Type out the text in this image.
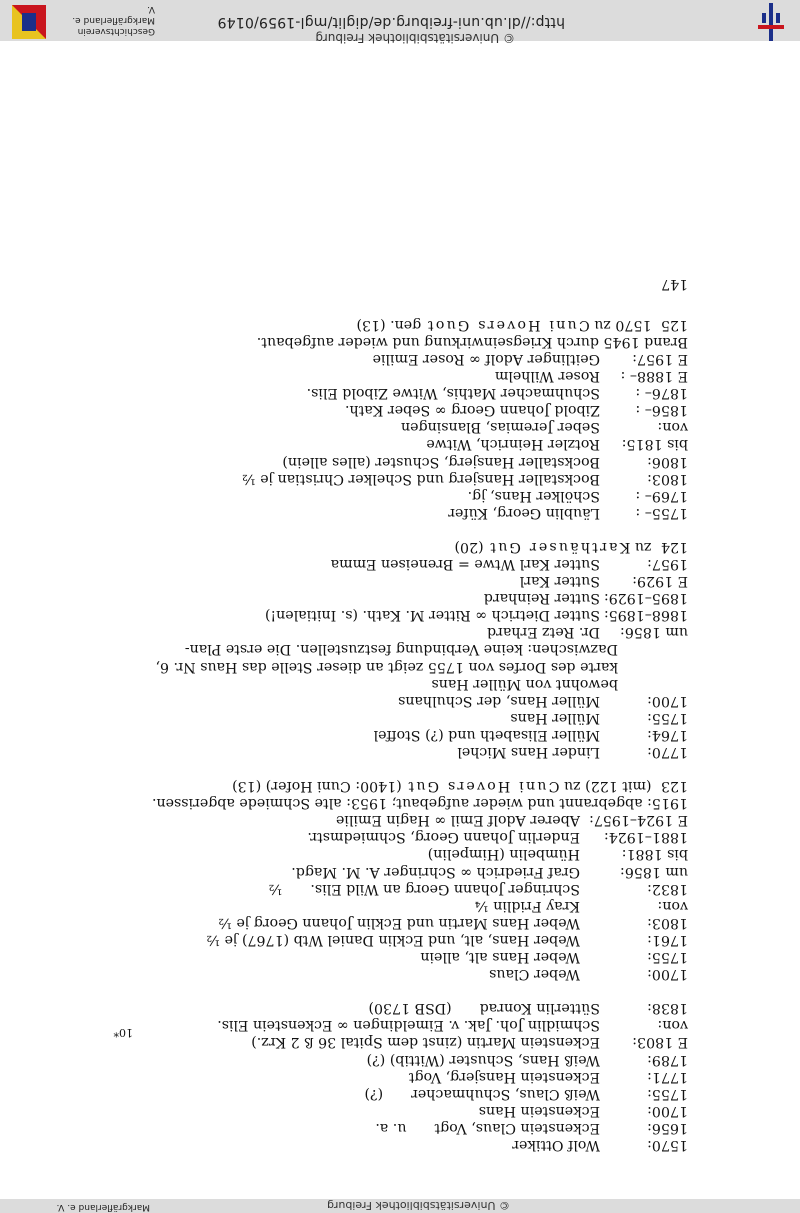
© Universitätsbibliothek Freiburg
http://dl.ub.uni-freiburg.de/diglit/mgl-1959/0149
Geschichtsverein Markgräflerland e. V.
© Universitätsbibliothek Freiburg
Markgräflerland e. V.
1570:Wolf Ottiker
1656:Eckenstein Claus, Vogtu. a.
1700:Eckenstein Hans
1755:Weiß Claus, Schuhmacher(?)
1771:Eckenstein Hansjerg, Vogt
1789:Weiß Hans, Schuster (Wittib) (?)
E 1803:Eckenstein Martin (zinst dem Spital 36 ß 2 Krz.)
von:Schmidlin Joh. Jak. v. Eimeldingen ∞ Eckenstein Elis.
1838:Sütterlin Konrad(DSB 1730)
1700:Weber Claus
1755:Weber Hans alt, allein
1761:Weber Hans, alt, und Ecklin Daniel Wtb (1767) je ½
1803:Weber Hans Martin und Ecklin Johann Georg je ½
von:Kray Fridlin ¼
1832:Schringer Johann Georg an Wild Elis.½
um 1856:Graf Friedrich ∞ Schringer A. M. Magd.
bis 1881:Hümbelin (Himpelin)
1881–1924:Enderlin Johann Georg, Schmiedmstr.
E 1924–1957:Aberer Adolf Emil ∞ Hagin Emilie
1915: abgebrannt und wieder aufgebaut; 1953: alte Schmiede abgerissen.
123 (mit 122) zu Cuni Hovers Gut (1400: Cuni Hofer) (13)
1770:Linder Hans Michel
1764:Müller Elisabeth und (?) Stoffel
1755:Müller Hans
1700:Müller Hans, der Schulhans
bewohnt von Müller Hans
karte des Dorfes von 1755 zeigt an dieser Stelle das Haus Nr. 6,
Dazwischen: keine Verbindung festzustellen. Die erste Plan-
um 1856:Dr. Retz Erhard
1868–1895:Sutter Dietrich ∞ Ritter M. Kath. (s. Initialen!)
1895–1929:Sutter Reinhard
E 1929:Sutter Karl
1957:Sutter Karl Wtwe = Breneisen Emma
124 zu Karthäuser Gut (20)
1755– :Läublin Georg, Küfer
1769– :Schölker Hans, jg.
1803:Bockstaller Hansjerg und Schelker Christian je ½
1806:Bockstaller Hansjerg, Schuster (alles allein)
bis 1815:Rotzler Heinrich, Witwe
von:Seber Jeremias, Blansingen
1856– :Zibold Johann Georg ∞ Seber Kath.
1876– :Schuhmacher Mathis, Witwe Zibold Elis.
E 1888– :Roser Wilhelm
E 1957:Geitlinger Adolf ∞ Roser Emilie
Brand 1945 durch Kriegseinwirkung und wieder aufgebaut.
125 1570 zu Cuni Hovers Guot gen. (13)
147
10*
